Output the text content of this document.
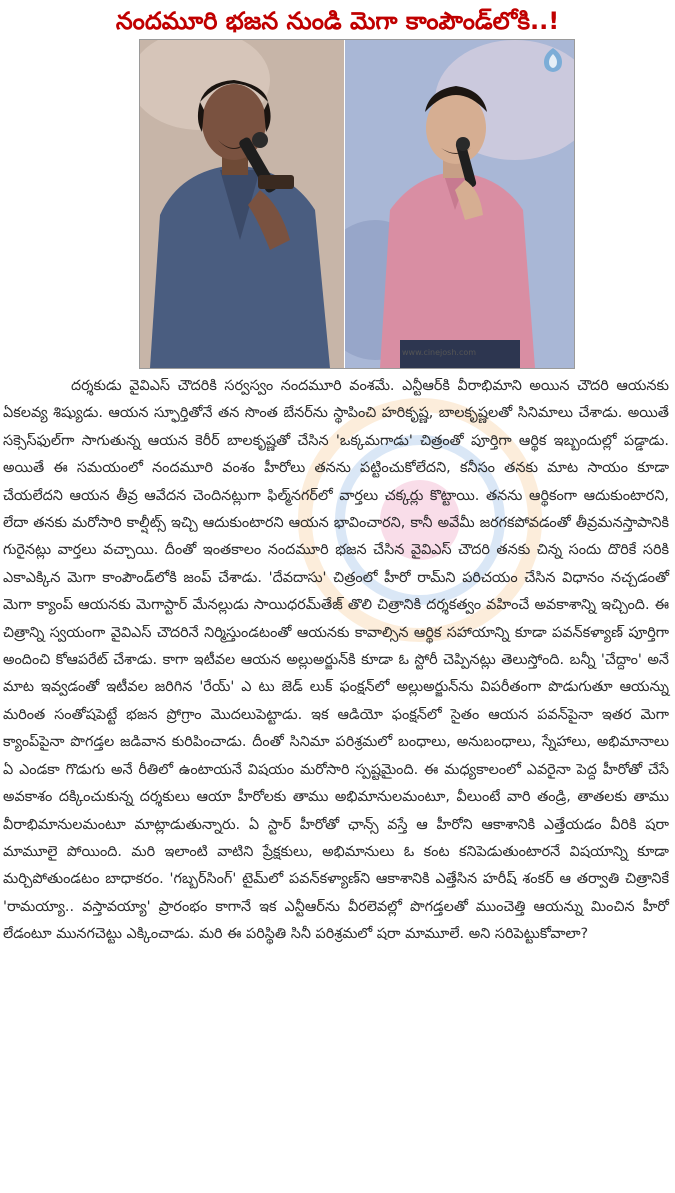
నందమూరి భజన నుండి మెగా కాంపౌండ్‌లోకి..!
www.cinejosh.com

దర్శకుడు వైవిఎస్ చౌదరికి సర్వస్వం నందమూరి వంశమే. ఎన్టీఆర్‌కి వీరాభిమాని అయిన చౌదరి ఆయనకు ఏకలవ్య శిష్యుడు. ఆయన స్ఫూర్తితోనే తన సొంత బేనర్‌ను స్థాపించి హరికృష్ణ, బాలకృష్ణలతో సినిమాలు చేశాడు. అయితే సక్సెస్‌ఫుల్‌గా సాగుతున్న ఆయన కెరీర్ బాలకృష్ణతో చేసిన 'ఒక్కమగాడు' చిత్రంతో పూర్తిగా ఆర్థిక ఇబ్బందుల్లో పడ్డాడు. అయితే ఈ సమయంలో నందమూరి వంశం హీరోలు తనను పట్టించుకోలేదని, కనీసం తనకు మాట సాయం కూడా చేయలేదని ఆయన తీవ్ర ఆవేదన చెందినట్లుగా ఫిల్మ్‌నగర్‌లో వార్తలు చక్కర్లు కొట్టాయి. తనను ఆర్థికంగా ఆదుకుంటారని, లేదా తనకు మరోసారి కాల్షీట్స్ ఇచ్చి ఆదుకుంటారని ఆయన భావించారని, కానీ అవేమీ జరగకపోవడంతో తీవ్రమనస్తాపానికి గురైనట్లు వార్తలు వచ్చాయి. దీంతో ఇంతకాలం నందమూరి భజన చేసిన వైవిఎస్ చౌదరి తనకు చిన్న సందు దొరికే సరికి ఎకాఎక్కిన మెగా కాంపౌండ్‌లోకి జంప్ చేశాడు. 'దేవదాసు' చిత్రంలో హీరో రామ్‌ని పరిచయం చేసిన విధానం నచ్చడంతో మెగా క్యాంప్ ఆయనకు మెగాస్టార్ మేనల్లుడు సాయిధరమ్‌తేజ్ తొలి చిత్రానికి దర్శకత్వం వహించే అవకాశాన్ని ఇచ్చింది. ఈ చిత్రాన్ని స్వయంగా వైవిఎస్ చౌదరినే నిర్మిస్తుండటంతో ఆయనకు కావాల్సిన ఆర్థిక సహాయాన్ని కూడా పవన్‌కళ్యాణ్ పూర్తిగా అందించి కోఆపరేట్ చేశాడు. కాగా ఇటీవల ఆయన అల్లుఅర్జున్‌కి కూడా ఓ స్టోరీ చెప్పినట్లు తెలుస్తోంది. బన్నీ 'చేద్దాం' అనే మాట ఇవ్వడంతో ఇటీవల జరిగిన 'రేయ్' ఎ టు జెడ్ లుక్ ఫంక్షన్‌లో అల్లుఅర్జున్‌ను విపరీతంగా పొడుగుతూ ఆయన్ను మరింత సంతోషపెట్టే భజన ప్రోగ్రాం మొదలుపెట్టాడు. ఇక ఆడియో ఫంక్షన్‌లో సైతం ఆయన పవన్‌పైనా ఇతర మెగా క్యాంప్‌పైనా పొగడ్తల జడివాన కురిపించాడు. దీంతో సినిమా పరిశ్రమలో బంధాలు, అనుబంధాలు, స్నేహాలు, అభిమానాలు ఏ ఎండకా గొడుగు అనే రీతిలో ఉంటాయనే విషయం మరోసారి స్పష్టమైంది. ఈ మధ్యకాలంలో ఎవరైనా పెద్ద హీరోతో చేసే అవకాశం దక్కించుకున్న దర్శకులు ఆయా హీరోలకు తాము అభిమానులమంటూ, వీలుంటే వారి తండ్రి, తాతలకు తాము వీరాభిమానులమంటూ మాట్లాడుతున్నారు. ఏ స్టార్ హీరోతో ఛాన్స్ వస్తే ఆ హీరోని ఆకాశానికి ఎత్తేయడం వీరికి షరా మామూలై పోయింది. మరి ఇలాంటి వాటిని ప్రేక్షకులు, అభిమానులు ఓ కంట కనిపెడుతుంటారనే విషయాన్ని కూడా మర్చిపోతుండటం బాధాకరం. 'గబ్బర్‌సింగ్' టైమ్‌లో పవన్‌కళ్యాణ్‌ని ఆకాశానికి ఎత్తేసిన హరీష్ శంకర్ ఆ తర్వాతి చిత్రానికే 'రామయ్యా.. వస్తావయ్యా' ప్రారంభం కాగానే ఇక ఎన్టీఆర్‌ను వీరలెవల్లో పొగడ్తలతో ముంచెత్తి ఆయన్ను మించిన హీరో లేడంటూ మునగచెట్టు ఎక్కించాడు. మరి ఈ పరిస్థితి సినీ పరిశ్రమలో షరా మామూలే. అని సరిపెట్టుకోవాలా?
